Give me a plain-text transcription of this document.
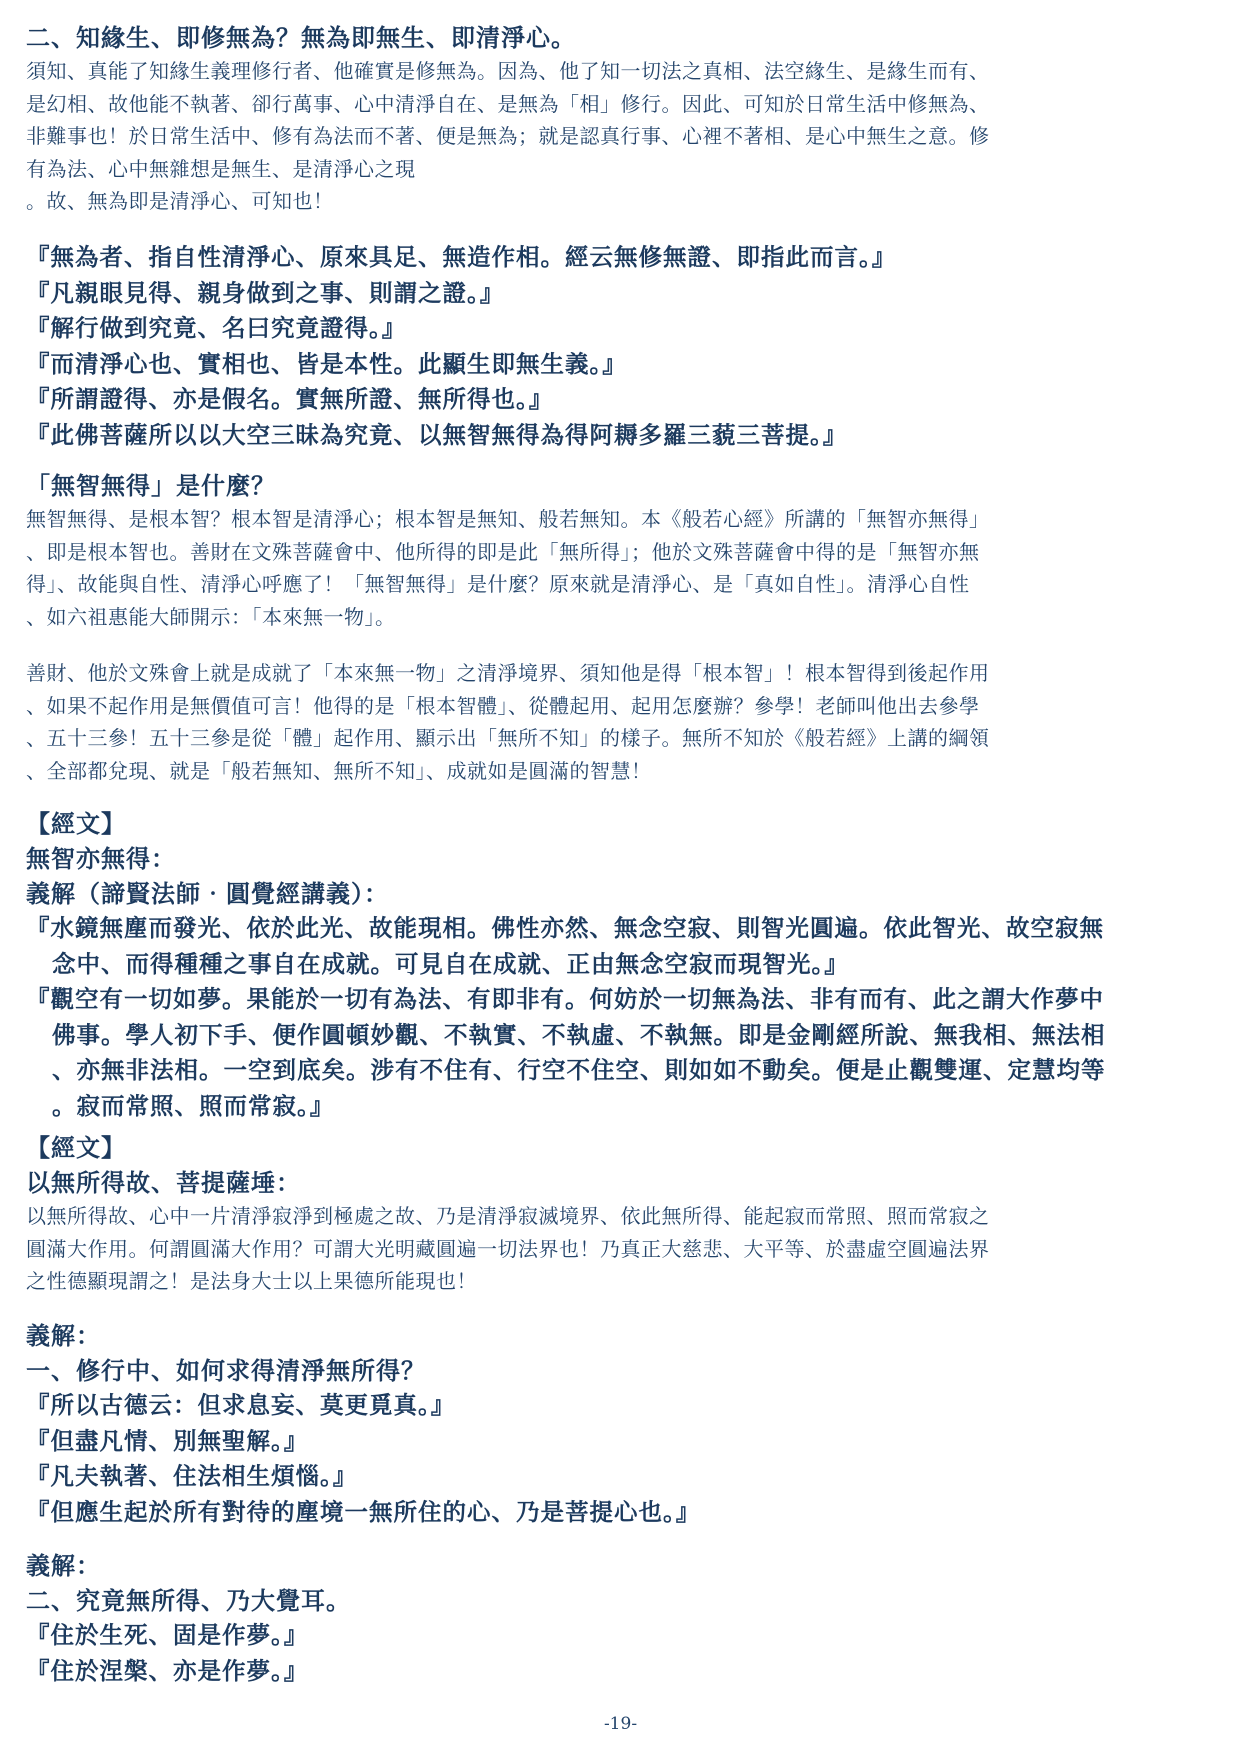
二、知緣生、即修無為？無為即無生、即清淨心。
須知、真能了知緣生義理修行者、他確實是修無為。因為、他了知一切法之真相、法空緣生、是緣生而有、
是幻相、故他能不執著、卻行萬事、心中清淨自在、是無為「相」修行。因此、可知於日常生活中修無為、
非難事也！於日常生活中、修有為法而不著、便是無為；就是認真行事、心裡不著相、是心中無生之意。修
有為法、心中無雜想是無生、是清淨心之現
。故、無為即是清淨心、可知也！
『無為者、指自性清淨心、原來具足、無造作相。經云無修無證、即指此而言。』
『凡親眼見得、親身做到之事、則謂之證。』
『解行做到究竟、名曰究竟證得。』
『而清淨心也、實相也、皆是本性。此顯生即無生義。』
『所謂證得、亦是假名。實無所證、無所得也。』
『此佛菩薩所以以大空三昧為究竟、以無智無得為得阿耨多羅三藐三菩提。』
「無智無得」是什麼？
無智無得、是根本智？根本智是清淨心；根本智是無知、般若無知。本《般若心經》所講的「無智亦無得」
、即是根本智也。善財在文殊菩薩會中、他所得的即是此「無所得」；他於文殊菩薩會中得的是「無智亦無
得」、故能與自性、清淨心呼應了！「無智無得」是什麼？原來就是清淨心、是「真如自性」。清淨心自性
、如六祖惠能大師開示：「本來無一物」。
善財、他於文殊會上就是成就了「本來無一物」之清淨境界、須知他是得「根本智」！根本智得到後起作用
、如果不起作用是無價值可言！他得的是「根本智體」、從體起用、起用怎麼辦？參學！老師叫他出去參學
、五十三參！五十三參是從「體」起作用、顯示出「無所不知」的樣子。無所不知於《般若經》上講的綱領
、全部都兌現、就是「般若無知、無所不知」、成就如是圓滿的智慧！
【經文】
無智亦無得：
義解（諦賢法師‧圓覺經講義）：
『水鏡無塵而發光、依於此光、故能現相。佛性亦然、無念空寂、則智光圓遍。依此智光、故空寂無
念中、而得種種之事自在成就。可見自在成就、正由無念空寂而現智光。』
『觀空有一切如夢。果能於一切有為法、有即非有。何妨於一切無為法、非有而有、此之謂大作夢中
佛事。學人初下手、便作圓頓妙觀、不執實、不執虛、不執無。即是金剛經所說、無我相、無法相
、亦無非法相。一空到底矣。涉有不住有、行空不住空、則如如不動矣。便是止觀雙運、定慧均等
。寂而常照、照而常寂。』
【經文】
以無所得故、菩提薩埵：
以無所得故、心中一片清淨寂淨到極處之故、乃是清淨寂滅境界、依此無所得、能起寂而常照、照而常寂之
圓滿大作用。何謂圓滿大作用？可謂大光明藏圓遍一切法界也！乃真正大慈悲、大平等、於盡虛空圓遍法界
之性德顯現謂之！是法身大士以上果德所能現也！
義解：
一、修行中、如何求得清淨無所得？
『所以古德云：但求息妄、莫更覓真。』
『但盡凡情、別無聖解。』
『凡夫執著、住法相生煩惱。』
『但應生起於所有對待的塵境一無所住的心、乃是菩提心也。』
義解：
二、究竟無所得、乃大覺耳。
『住於生死、固是作夢。』
『住於涅槃、亦是作夢。』
-19-
